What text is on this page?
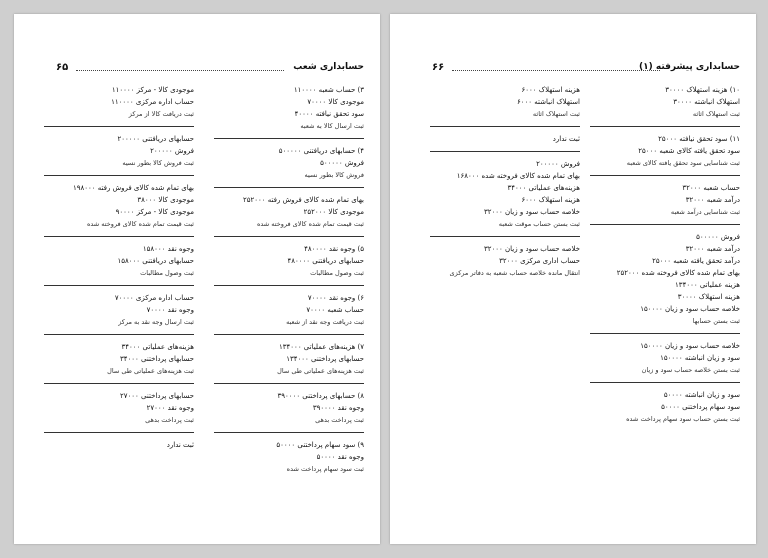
حسابداری شعب
۶۵
موجودی کالا - مرکز ۱۱۰۰۰۰
حساب اداره مرکزی ۱۱۰۰۰۰
ثبت دریافت کالا از مرکز
حسابهای دریافتنی ۲۰۰۰۰۰
فروش ۲۰۰۰۰۰
ثبت فروش کالا بطور نسیه
بهای تمام شده کالای فروش رفته ۱۹۸۰۰۰
موجودی کالا ۳۸۰۰۰
موجودی کالا - مرکز ۹۰۰۰۰
ثبت قیمت تمام شده کالای فروخته شده
وجوه نقد ۱۵۸۰۰۰
حسابهای دریافتنی ۱۵۸۰۰۰
ثبت وصول مطالبات
حساب اداره مرکزی ۷۰۰۰۰
وجوه نقد ۷۰۰۰۰
ثبت ارسال وجه نقد به مرکز
هزینه‌های عملیاتی ۳۴۰۰۰
حسابهای پرداختنی ۳۴۰۰۰
ثبت هزینه‌های عملیاتی طی سال
حسابهای پرداختنی ۲۷۰۰۰
وجوه نقد ۲۷۰۰۰
ثبت پرداخت بدهی
ثبت ندارد
۳) حساب شعبه ۱۱۰۰۰۰
موجودی کالا ۷۰۰۰۰
سود تحقق نیافته ۴۰۰۰۰
ثبت ارسال کالا به شعبه
۴) حسابهای دریافتنی ۵۰۰۰۰۰
فروش ۵۰۰۰۰۰
فروش کالا بطور نسیه
بهای تمام شده کالای فروش رفته ۲۵۲۰۰۰
موجودی کالا ۲۵۲۰۰۰
ثبت قیمت تمام شده کالای فروخته شده
۵) وجوه نقد ۴۸۰۰۰۰
حسابهای دریافتنی ۴۸۰۰۰۰
ثبت وصول مطالبات
۶) وجوه نقد ۷۰۰۰۰
حساب شعبه ۷۰۰۰۰
ثبت دریافت وجه نقد از شعبه
۷) هزینه‌های عملیاتی ۱۳۴۰۰۰
حسابهای پرداختنی ۱۳۴۰۰۰
ثبت هزینه‌های عملیاتی طی سال
۸) حسابهای پرداختنی ۳۹۰۰۰۰
وجوه نقد ۳۹۰۰۰۰
ثبت پرداخت بدهی
۹) سود سهام پرداختنی ۵۰۰۰۰
وجوه نقد ۵۰۰۰۰
ثبت سود سهام پرداخت شده
حسابداری پیشرفته (۱)
۶۶
هزینه استهلاک ۶۰۰۰
استهلاک انباشته ۶۰۰۰
ثبت استهلاک اثاثه
ثبت ندارد
فروش ۲۰۰۰۰۰
بهای تمام شده کالای فروخته شده ۱۶۸۰۰۰
هزینه‌های عملیاتی ۳۴۰۰۰
هزینه استهلاک ۶۰۰۰
خلاصه حساب سود و زیان ۳۲۰۰۰
ثبت بستن حساب موقت شعبه
خلاصه حساب سود و زیان ۳۲۰۰۰
حساب اداری مرکزی ۳۲۰۰۰
انتقال مانده خلاصه حساب شعبه به دفاتر مرکزی
۱۰) هزینه استهلاک ۳۰۰۰۰
استهلاک انباشته ۳۰۰۰۰
ثبت استهلاک اثاثه
۱۱) سود تحقق نیافته ۲۵۰۰۰
سود تحقق یافته کالای شعبه ۲۵۰۰۰
ثبت شناسایی سود تحقق یافته کالای شعبه
حساب شعبه ۳۲۰۰۰
درآمد شعبه ۳۲۰۰۰
ثبت شناسایی درآمد شعبه
فروش ۵۰۰۰۰۰
درآمد شعبه ۳۲۰۰۰
درآمد تحقق یافته شعبه ۲۵۰۰۰
بهای تمام شده کالای فروخته شده ۲۵۲۰۰۰
هزینه عملیاتی ۱۳۴۰۰۰
هزینه استهلاک ۳۰۰۰۰
خلاصه حساب سود و زیان ۱۵۰۰۰۰
ثبت بستن حسابها
خلاصه حساب سود و زیان ۱۵۰۰۰۰
سود و زیان انباشته ۱۵۰۰۰۰
ثبت بستن خلاصه حساب سود و زیان
سود و زیان انباشته ۵۰۰۰۰
سود سهام پرداختنی ۵۰۰۰۰
ثبت بستن حساب سود سهام پرداخت شده
